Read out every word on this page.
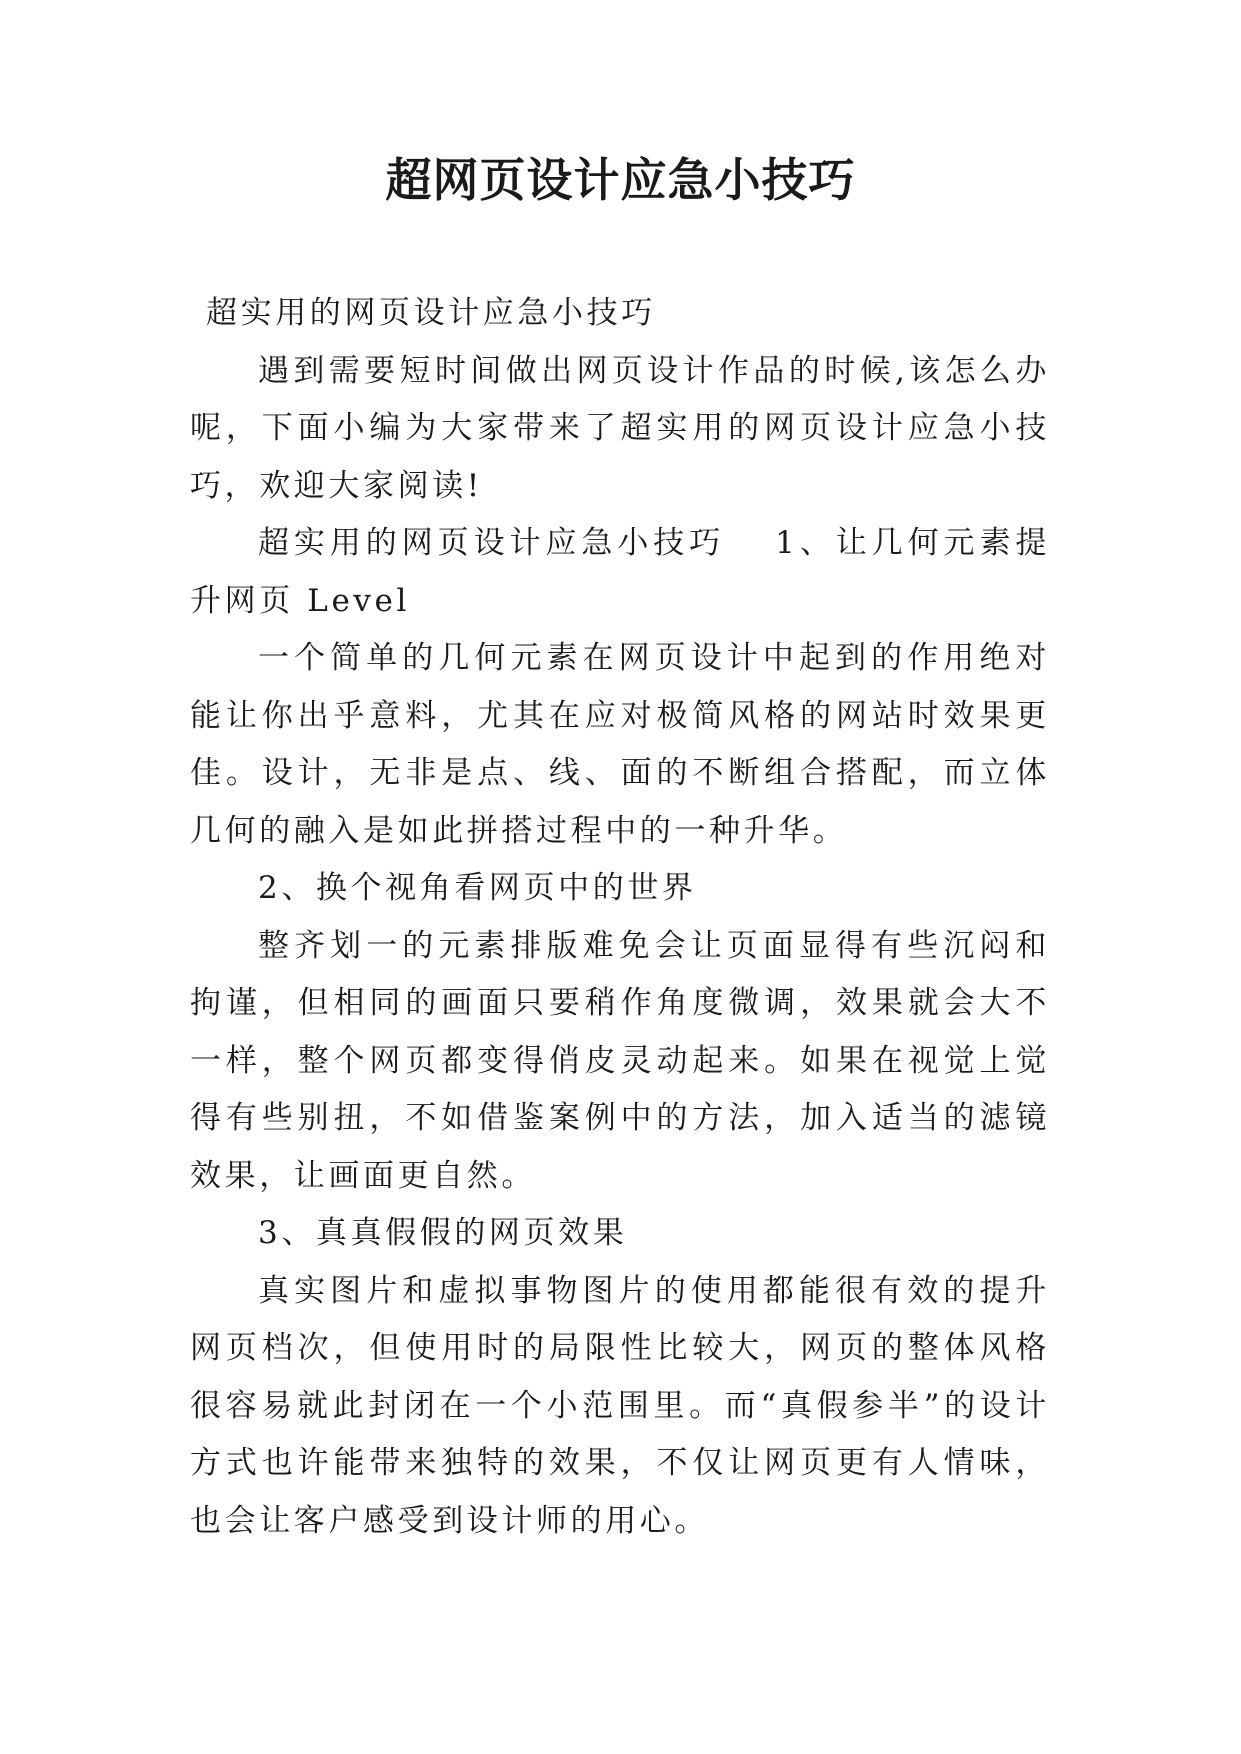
超网页设计应急小技巧

超实用的网页设计应急小技巧

遇到需要短时间做出网页设计作品的时候,该怎么办呢，下面小编为大家带来了超实用的网页设计应急小技巧，欢迎大家阅读!

超实用的网页设计应急小技巧 1、让几何元素提升网页 Level

一个简单的几何元素在网页设计中起到的作用绝对能让你出乎意料，尤其在应对极简风格的网站时效果更佳。设计，无非是点、线、面的不断组合搭配，而立体几何的融入是如此拼搭过程中的一种升华。

2、换个视角看网页中的世界

整齐划一的元素排版难免会让页面显得有些沉闷和拘谨，但相同的画面只要稍作角度微调，效果就会大不一样，整个网页都变得俏皮灵动起来。如果在视觉上觉得有些别扭，不如借鉴案例中的方法，加入适当的滤镜效果，让画面更自然。

3、真真假假的网页效果

真实图片和虚拟事物图片的使用都能很有效的提升网页档次，但使用时的局限性比较大，网页的整体风格很容易就此封闭在一个小范围里。而“真假参半”的设计方式也许能带来独特的效果，不仅让网页更有人情味，也会让客户感受到设计师的用心。
